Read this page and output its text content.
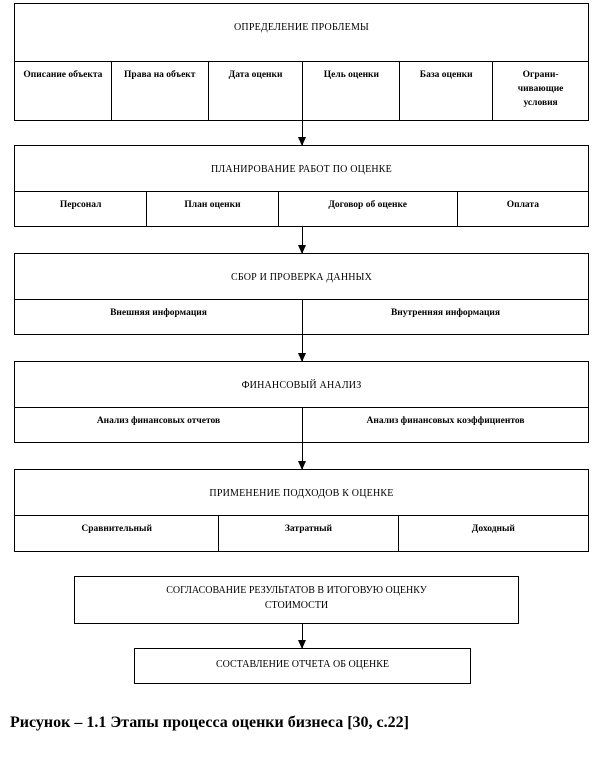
ОПРЕДЕЛЕНИЕ ПРОБЛЕМЫ
Описание объекта	Права на объект	Дата оценки	Цель оценки	База оценки	Ограни-чивающие условия
ПЛАНИРОВАНИЕ РАБОТ ПО ОЦЕНКЕ
Персонал	План оценки	Договор об оценке	Оплата
СБОР И ПРОВЕРКА ДАННЫХ
Внешняя информация	Внутренняя информация
ФИНАНСОВЫЙ АНАЛИЗ
Анализ финансовых отчетов	Анализ финансовых коэффициентов
ПРИМЕНЕНИЕ ПОДХОДОВ К ОЦЕНКЕ
Сравнительный	Затратный	Доходный
СОГЛАСОВАНИЕ РЕЗУЛЬТАТОВ В ИТОГОВУЮ ОЦЕНКУ
СТОИМОСТИ
СОСТАВЛЕНИЕ ОТЧЕТА ОБ ОЦЕНКЕ
Рисунок – 1.1 Этапы процесса оценки бизнеса [30, с.22]
